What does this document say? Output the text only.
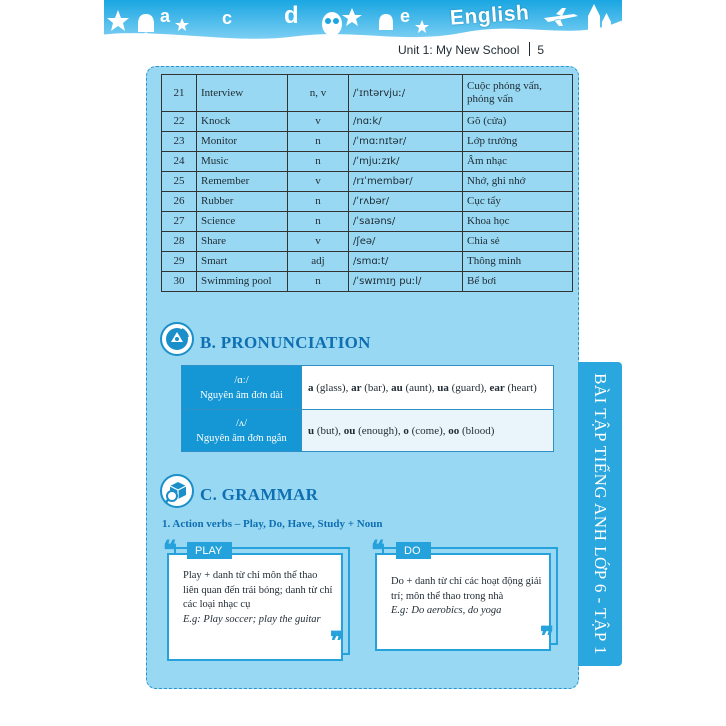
a	c d	e English
Unit 1: My New School 5
BÀI TẬP TIẾNG ANH LỚP 6 - TẬP 1
21	Interview	n, v	/ˈɪntərvjuː/	Cuộc phỏng vấn, phỏng vấn
22	Knock	v	/nɑːk/	Gõ (cửa)
23	Monitor	n	/ˈmɑːnɪtər/	Lớp trưởng
24	Music	n	/ˈmjuːzɪk/	Âm nhạc
25	Remember	v	/rɪˈmembər/	Nhớ, ghi nhớ
26	Rubber	n	/ˈrʌbər/	Cục tẩy
27	Science	n	/ˈsaɪəns/	Khoa học
28	Share	v	/ʃeə/	Chia sẻ
29	Smart	adj	/smɑːt/	Thông minh
30	Swimming pool	n	/ˈswɪmɪŋ puːl/	Bể bơi
B. PRONUNCIATION
/ɑː/
Nguyên âm đơn dài	a (glass), ar (bar), au (aunt), ua (guard), ear (heart)

/ʌ/
Nguyên âm đơn ngắn	u (but), ou (enough), o (come), oo (blood)
C. GRAMMAR
1. Action verbs – Play, Do, Have, Study + Noun
Play + danh từ chỉ môn thể thao liên quan đến trái bóng; danh từ chỉ các loại nhạc cụ
E.g: Play soccer; play the guitar
❝	PLAY
❞
Do + danh từ chỉ các hoạt động giải trí; môn thể thao trong nhà
E.g: Do aerobics, do yoga
❝	DO
❞
